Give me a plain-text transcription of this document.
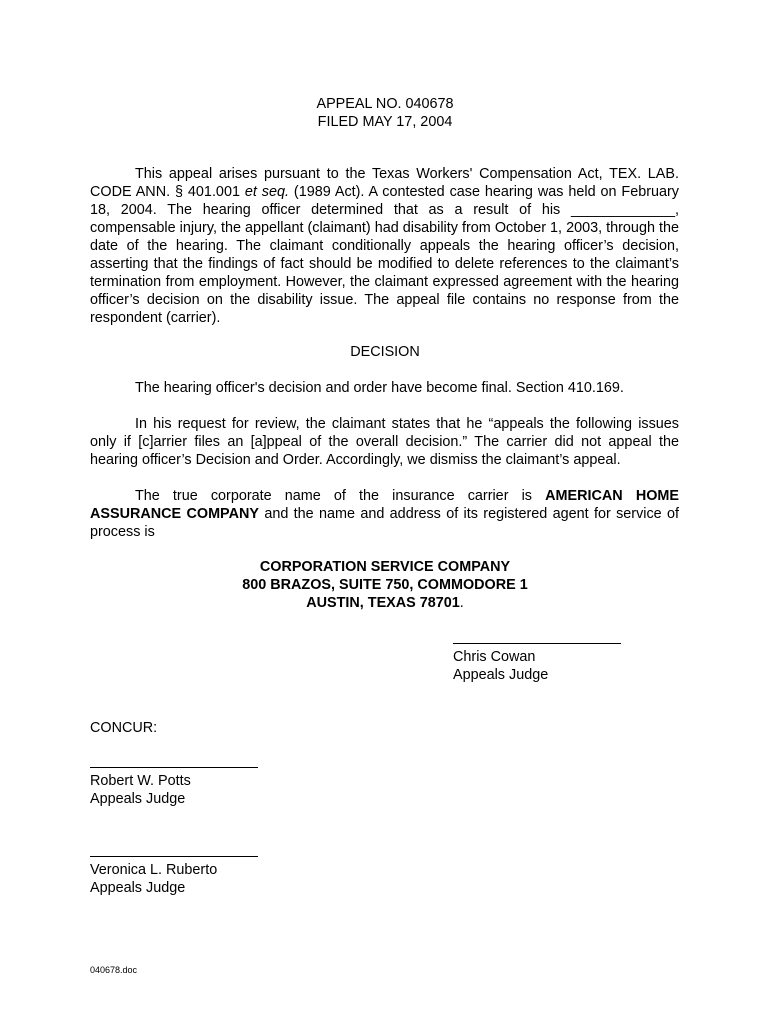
APPEAL NO. 040678
FILED MAY 17, 2004

This appeal arises pursuant to the Texas Workers' Compensation Act, TEX. LAB. CODE ANN. § 401.001 et seq. (1989 Act). A contested case hearing was held on February 18, 2004. The hearing officer determined that as a result of his _____________, compensable injury, the appellant (claimant) had disability from October 1, 2003, through the date of the hearing. The claimant conditionally appeals the hearing officer’s decision, asserting that the findings of fact should be modified to delete references to the claimant’s termination from employment. However, the claimant expressed agreement with the hearing officer’s decision on the disability issue. The appeal file contains no response from the respondent (carrier).

DECISION

The hearing officer's decision and order have become final. Section 410.169.

In his request for review, the claimant states that he “appeals the following issues only if [c]arrier files an [a]ppeal of the overall decision.” The carrier did not appeal the hearing officer’s Decision and Order. Accordingly, we dismiss the claimant’s appeal.

The true corporate name of the insurance carrier is AMERICAN HOME ASSURANCE COMPANY and the name and address of its registered agent for service of process is

CORPORATION SERVICE COMPANY
800 BRAZOS, SUITE 750, COMMODORE 1
AUSTIN, TEXAS 78701.
Chris Cowan
Appeals Judge
CONCUR:
Robert W. Potts
Appeals Judge
Veronica L. Ruberto
Appeals Judge
040678.doc
